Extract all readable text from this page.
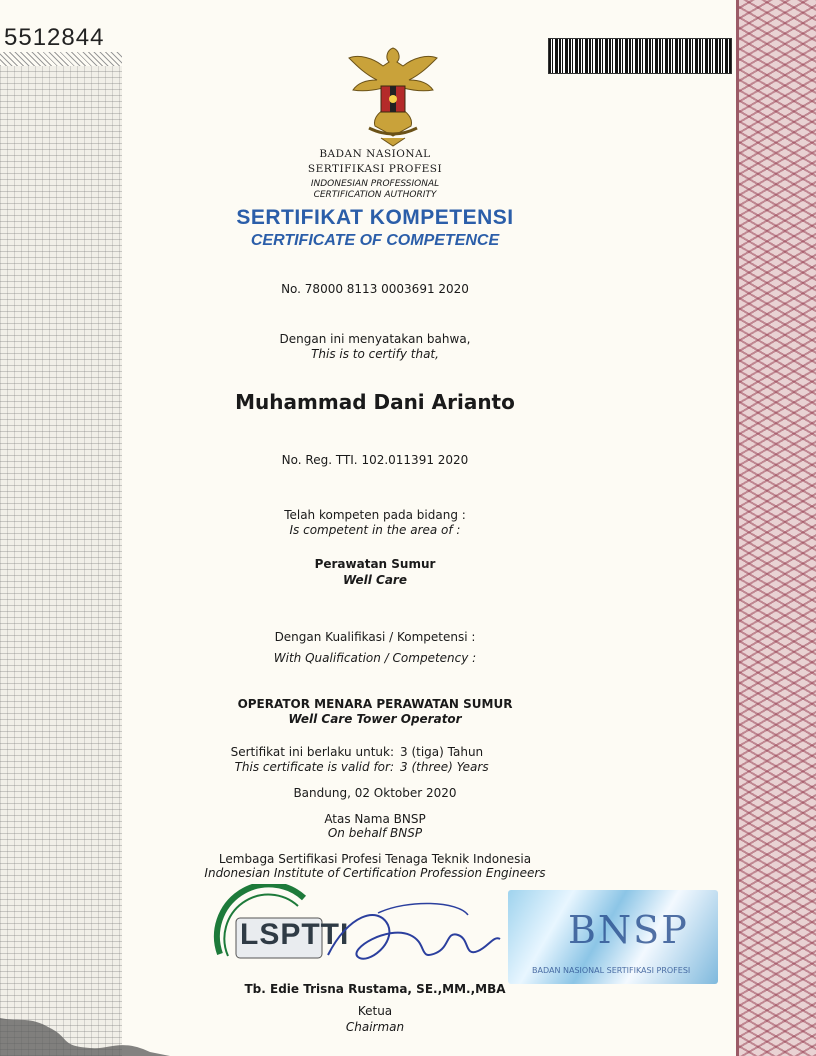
5512844
BADAN NASIONAL
SERTIFIKASI PROFESI
INDONESIAN PROFESSIONAL
CERTIFICATION AUTHORITY
SERTIFIKAT KOMPETENSI
CERTIFICATE OF COMPETENCE
No. 78000 8113 0003691 2020
Dengan ini menyatakan bahwa,
This is to certify that,
Muhammad Dani Arianto
No. Reg. TTI. 102.011391 2020
Telah kompeten pada bidang :
Is competent in the area of :
Perawatan Sumur
Well Care
Dengan Kualifikasi / Kompetensi :
With Qualification / Competency :
OPERATOR MENARA PERAWATAN SUMUR
Well Care Tower Operator
Sertifikat ini berlaku untuk: 3 (tiga) Tahun
This certificate is valid for: 3 (three) Years
Bandung, 02 Oktober 2020
Atas Nama BNSP
On behalf BNSP
Lembaga Sertifikasi Profesi Tenaga Teknik Indonesia
Indonesian Institute of Certification Profession Engineers
LSPTTI	BNSP
BADAN NASIONAL SERTIFIKASI PROFESI
Tb. Edie Trisna Rustama, SE.,MM.,MBA
Ketua
Chairman
